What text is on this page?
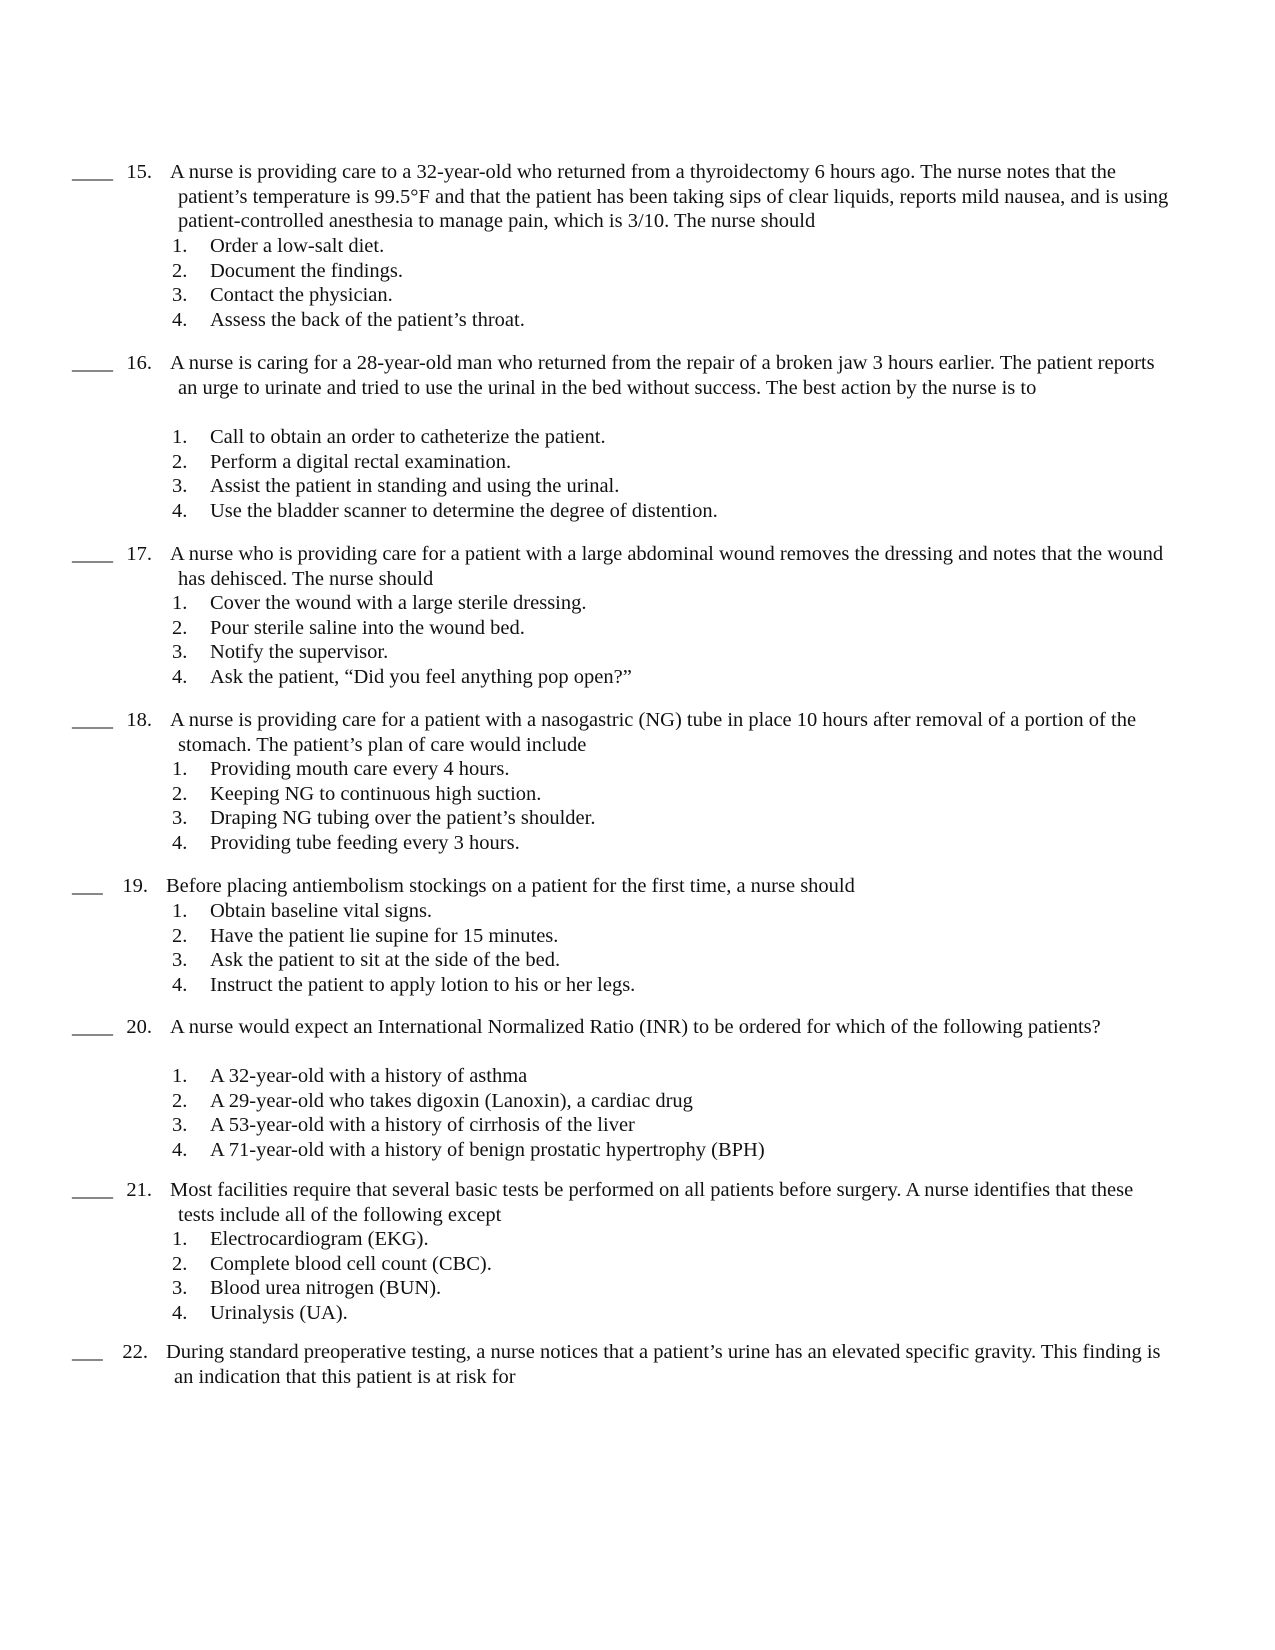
____ 15. A nurse is providing care to a 32-year-old who returned from a thyroidectomy 6 hours ago. The nurse notes that the patient’s temperature is 99.5°F and that the patient has been taking sips of clear liquids, reports mild nausea, and is using patient-controlled anesthesia to manage pain, which is 3/10. The nurse should
1. Order a low-salt diet.
2. Document the findings.
3. Contact the physician.
4. Assess the back of the patient’s throat.
____ 16. A nurse is caring for a 28-year-old man who returned from the repair of a broken jaw 3 hours earlier. The patient reports an urge to urinate and tried to use the urinal in the bed without success. The best action by the nurse is to
1. Call to obtain an order to catheterize the patient.
2. Perform a digital rectal examination.
3. Assist the patient in standing and using the urinal.
4. Use the bladder scanner to determine the degree of distention.
____ 17. A nurse who is providing care for a patient with a large abdominal wound removes the dressing and notes that the wound has dehisced. The nurse should
1. Cover the wound with a large sterile dressing.
2. Pour sterile saline into the wound bed.
3. Notify the supervisor.
4. Ask the patient, “Did you feel anything pop open?”
____ 18. A nurse is providing care for a patient with a nasogastric (NG) tube in place 10 hours after removal of a portion of the stomach. The patient’s plan of care would include
1. Providing mouth care every 4 hours.
2. Keeping NG to continuous high suction.
3. Draping NG tubing over the patient’s shoulder.
4. Providing tube feeding every 3 hours.
___ 19. Before placing antiembolism stockings on a patient for the first time, a nurse should
1. Obtain baseline vital signs.
2. Have the patient lie supine for 15 minutes.
3. Ask the patient to sit at the side of the bed.
4. Instruct the patient to apply lotion to his or her legs.
____ 20. A nurse would expect an International Normalized Ratio (INR) to be ordered for which of the following patients?
1. A 32-year-old with a history of asthma
2. A 29-year-old who takes digoxin (Lanoxin), a cardiac drug
3. A 53-year-old with a history of cirrhosis of the liver
4. A 71-year-old with a history of benign prostatic hypertrophy (BPH)
____ 21. Most facilities require that several basic tests be performed on all patients before surgery. A nurse identifies that these tests include all of the following except
1. Electrocardiogram (EKG).
2. Complete blood cell count (CBC).
3. Blood urea nitrogen (BUN).
4. Urinalysis (UA).
___ 22. During standard preoperative testing, a nurse notices that a patient’s urine has an elevated specific gravity. This finding is an indication that this patient is at risk for
